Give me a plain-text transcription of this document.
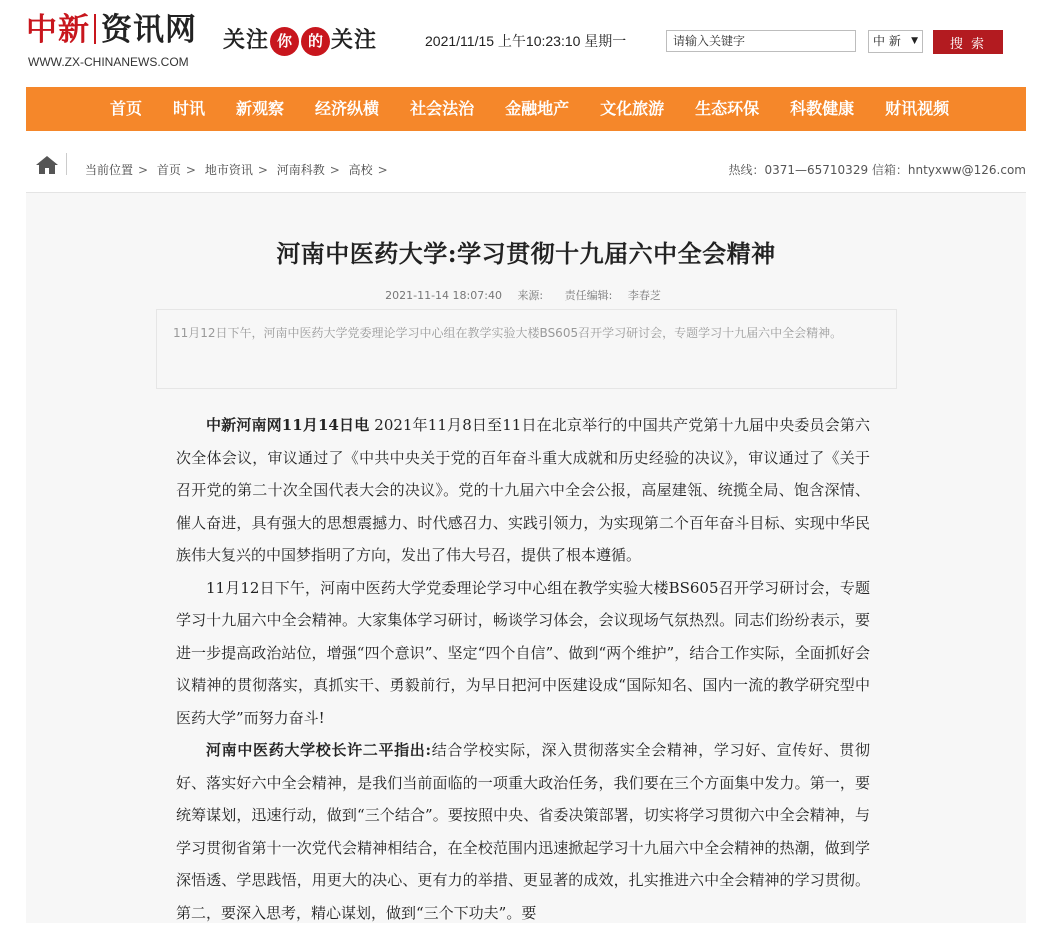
中新 资讯网
WWW.ZX-CHINANEWS.COM
关注 你 的 关注	2021/11/15 上午10:23:10 星期一
请输入关键字	中 新 ▼	搜 索
首页 时讯 新观察 经济纵横 社会法治 金融地产 文化旅游 生态环保 科教健康 财讯视频
当前位置 > 首页 > 地市资讯 > 河南科教 > 高校 >	热线：0371—65710329 信箱：hntyxww@126.com
河南中医药大学:学习贯彻十九届六中全会精神
2021-11-14 18:07:40 来源: 责任编辑: 李春芝
11月12日下午，河南中医药大学党委理论学习中心组在教学实验大楼BS605召开学习研讨会，专题学习十九届六中全会精神。

中新河南网11月14日电 2021年11月8日至11日在北京举行的中国共产党第十九届中央委员会第六次全体会议，审议通过了《中共中央关于党的百年奋斗重大成就和历史经验的决议》，审议通过了《关于召开党的第二十次全国代表大会的决议》。党的十九届六中全会公报，高屋建瓴、统揽全局、饱含深情、催人奋进，具有强大的思想震撼力、时代感召力、实践引领力，为实现第二个百年奋斗目标、实现中华民族伟大复兴的中国梦指明了方向，发出了伟大号召，提供了根本遵循。

11月12日下午，河南中医药大学党委理论学习中心组在教学实验大楼BS605召开学习研讨会，专题学习十九届六中全会精神。大家集体学习研讨，畅谈学习体会，会议现场气氛热烈。同志们纷纷表示，要进一步提高政治站位，增强“四个意识”、坚定“四个自信”、做到“两个维护”，结合工作实际，全面抓好会议精神的贯彻落实，真抓实干、勇毅前行，为早日把河中医建设成“国际知名、国内一流的教学研究型中医药大学”而努力奋斗!

河南中医药大学校长许二平指出:结合学校实际，深入贯彻落实全会精神，学习好、宣传好、贯彻好、落实好六中全会精神，是我们当前面临的一项重大政治任务，我们要在三个方面集中发力。第一，要统筹谋划，迅速行动，做到“三个结合”。要按照中央、省委决策部署，切实将学习贯彻六中全会精神，与学习贯彻省第十一次党代会精神相结合，在全校范围内迅速掀起学习十九届六中全会精神的热潮，做到学深悟透、学思践悟，用更大的决心、更有力的举措、更显著的成效，扎实推进六中全会精神的学习贯彻。第二，要深入思考，精心谋划，做到“三个下功夫”。要
